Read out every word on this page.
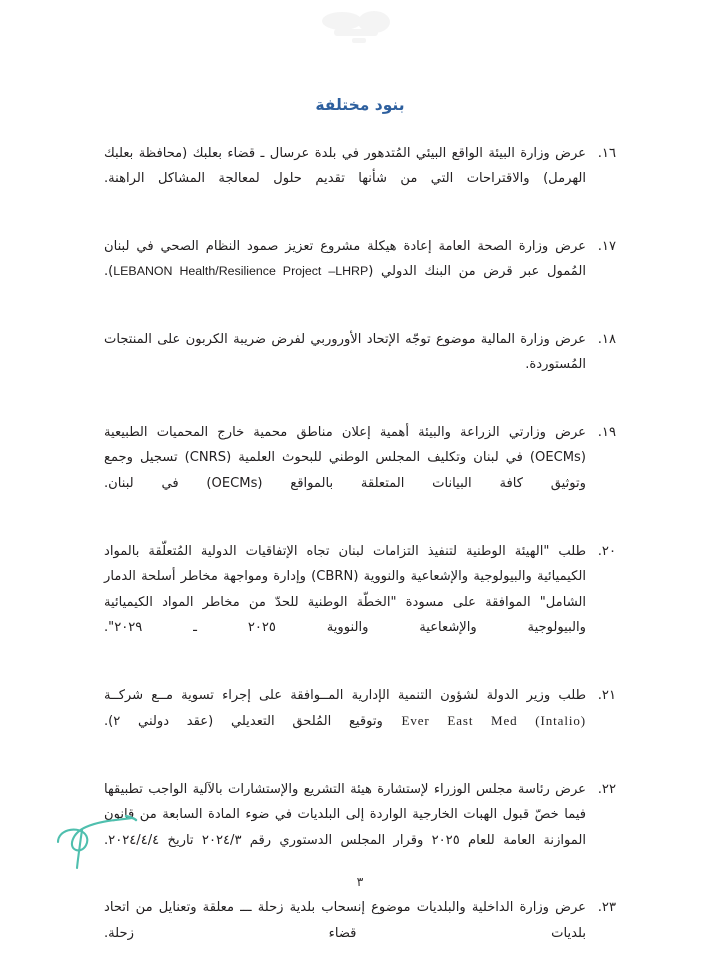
بنود مختلفة
١٦.
عرض وزارة البيئة الواقع البيئي المُتدهور في بلدة عرسال ـ قضاء بعلبك (محافظة بعلبك الهرمل) والاقتراحات التي من شأنها تقديم حلول لمعالجة المشاكل الراهنة.
١٧.
عرض وزارة الصحة العامة إعادة هيكلة مشروع تعزيز صمود النظام الصحي في لبنان المُمول عبر قرض من البنك الدولي (LEBANON Health/Resilience Project –LHRP).
١٨.
عرض وزارة المالية موضوع توجّه الإتحاد الأوروربي لفرض ضريبة الكربون على المنتجات المُستوردة.
١٩.
عرض وزارتي الزراعة والبيئة أهمية إعلان مناطق محمية خارج المحميات الطبيعية (OECMs) في لبنان وتكليف المجلس الوطني للبحوث العلمية (CNRS) تسجيل وجمع وتوثيق كافة البيانات المتعلقة بالمواقع (OECMs) في لبنان.
٢٠.
طلب "الهيئة الوطنية لتنفيذ التزامات لبنان تجاه الإتفاقيات الدولية المُتعلّقة بالمواد الكيميائية والبيولوجية والإشعاعية والنووية (CBRN) وإدارة ومواجهة مخاطر أسلحة الدمار الشامل" الموافقة على مسودة "الخطّة الوطنية للحدّ من مخاطر المواد الكيميائية والبيولوجية والإشعاعية والنووية ٢٠٢٥ ـ ٢٠٢٩".
٢١.
طلب وزير الدولة لشؤون التنمية الإدارية المــوافقة على إجراء تسوية مــع شركــة Ever East Med (Intalio) وتوقيع المُلحق التعديلي (عقد دولني ٢).
٢٢.
عرض رئاسة مجلس الوزراء لإستشارة هيئة التشريع والإستشارات بالآلية الواجب تطبيقها فيما خصّ قبول الهبات الخارجية الواردة إلى البلديات في ضوء المادة السابعة من قانون الموازنة العامة للعام ٢٠٢٥ وقرار المجلس الدستوري رقم ٢٠٢٤/٣ تاريخ ٢٠٢٤/٤/٤.
٢٣.
عرض وزارة الداخلية والبلديات موضوع إنسحاب بلدية زحلة ـــ معلقة وتعنايل من اتحاد بلديات قضاء زحلة.
٣
